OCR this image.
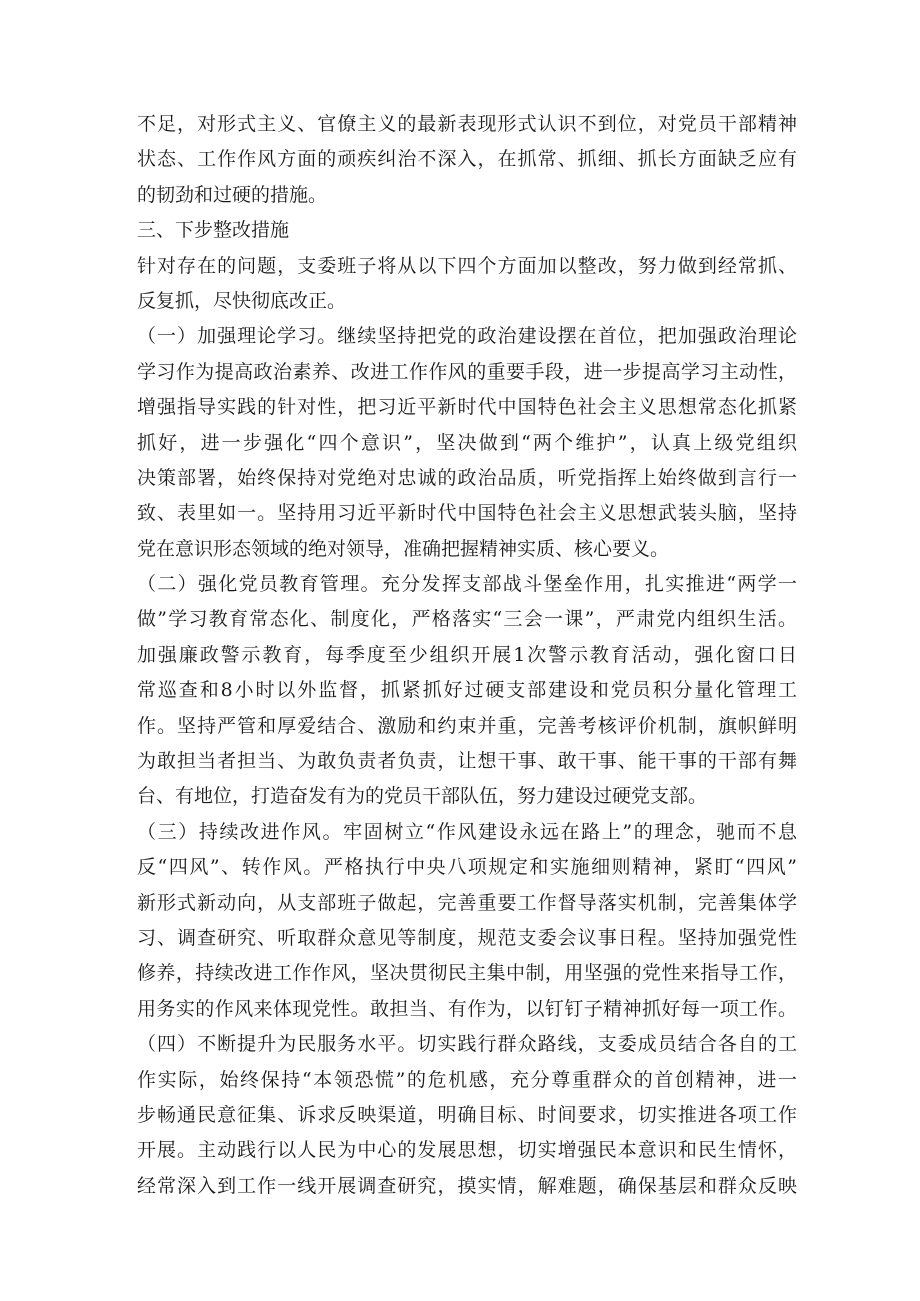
不足，对形式主义、官僚主义的最新表现形式认识不到位，对党员干部精神
状态、工作作风方面的顽疾纠治不深入，在抓常、抓细、抓长方面缺乏应有
的韧劲和过硬的措施。
三、下步整改措施
针对存在的问题，支委班子将从以下四个方面加以整改，努力做到经常抓、
反复抓，尽快彻底改正。
（一）加强理论学习。继续坚持把党的政治建设摆在首位，把加强政治理论
学习作为提高政治素养、改进工作作风的重要手段，进一步提高学习主动性，
增强指导实践的针对性，把习近平新时代中国特色社会主义思想常态化抓紧
抓好，进一步强化“四个意识”，坚决做到“两个维护”，认真上级党组织
决策部署，始终保持对党绝对忠诚的政治品质，听党指挥上始终做到言行一
致、表里如一。坚持用习近平新时代中国特色社会主义思想武装头脑，坚持
党在意识形态领域的绝对领导，准确把握精神实质、核心要义。
（二）强化党员教育管理。充分发挥支部战斗堡垒作用，扎实推进“两学一
做”学习教育常态化、制度化，严格落实“三会一课”，严肃党内组织生活。
加强廉政警示教育，每季度至少组织开展1次警示教育活动，强化窗口日
常巡查和8小时以外监督，抓紧抓好过硬支部建设和党员积分量化管理工
作。坚持严管和厚爱结合、激励和约束并重，完善考核评价机制，旗帜鲜明
为敢担当者担当、为敢负责者负责，让想干事、敢干事、能干事的干部有舞
台、有地位，打造奋发有为的党员干部队伍，努力建设过硬党支部。
（三）持续改进作风。牢固树立“作风建设永远在路上”的理念，驰而不息
反“四风”、转作风。严格执行中央八项规定和实施细则精神，紧盯“四风”
新形式新动向，从支部班子做起，完善重要工作督导落实机制，完善集体学
习、调查研究、听取群众意见等制度，规范支委会议事日程。坚持加强党性
修养，持续改进工作作风，坚决贯彻民主集中制，用坚强的党性来指导工作，
用务实的作风来体现党性。敢担当、有作为，以钉钉子精神抓好每一项工作。
（四）不断提升为民服务水平。切实践行群众路线，支委成员结合各自的工
作实际，始终保持“本领恐慌”的危机感，充分尊重群众的首创精神，进一
步畅通民意征集、诉求反映渠道，明确目标、时间要求，切实推进各项工作
开展。主动践行以人民为中心的发展思想，切实增强民本意识和民生情怀，
经常深入到工作一线开展调查研究，摸实情，解难题，确保基层和群众反映
